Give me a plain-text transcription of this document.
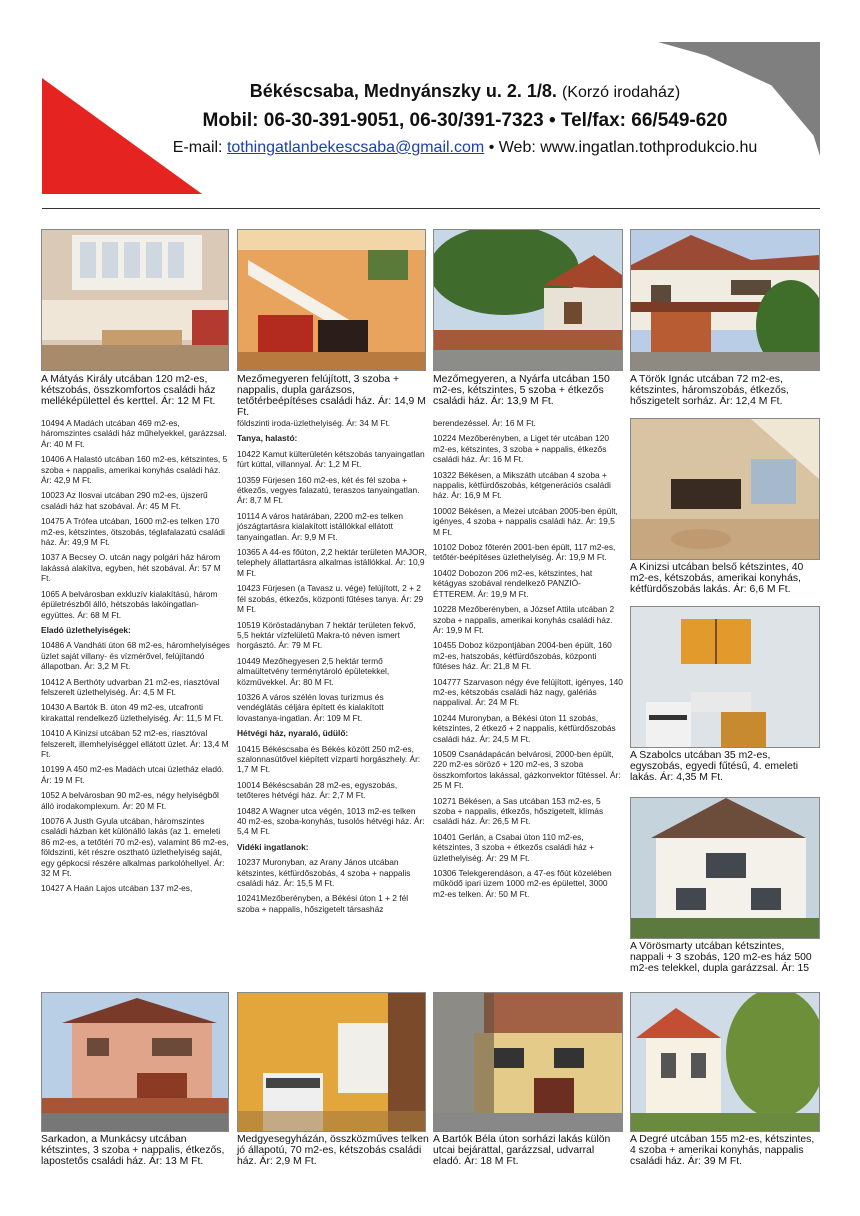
Békéscsaba, Mednyánszky u. 2. 1/8. (Korzó irodaház)
Mobil: 06-30-391-9051, 06-30/391-7323 • Tel/fax: 66/549-620
E-mail: tothingatlanbekescsaba@gmail.com • Web: www.ingatlan.tothprodukcio.hu
A Mátyás Király utcában 120 m2-es, kétszobás, összkomfortos családi ház melléképülettel és kerttel. Ár: 12 M Ft.
Mezőmegyeren felújított, 3 szoba + nappalis, dupla garázsos, tetőtérbeépítéses családi ház. Ár: 14,9 M Ft.
Mezőmegyeren, a Nyárfa utcában 150 m2-es, kétszintes, 5 szoba + étkezős családi ház. Ár: 13,9 M Ft.
A Török Ignác utcában 72 m2-es, kétszintes, háromszobás, étkezős, hőszigetelt sorház. Ár: 12,4 M Ft.
10494 A Madách utcában 469 m2-es, háromszintes családi ház műhelyekkel, garázzsal. Ár: 40 M Ft.
10406 A Halastó utcában 160 m2-es, kétszintes, 5 szoba + nappalis, amerikai konyhás családi ház. Ár: 42,9 M Ft.
10023 Az Ilosvai utcában 290 m2-es, újszerű családi ház hat szobával. Ár: 45 M Ft.
10475 A Trófea utcában, 1600 m2-es telken 170 m2-es, kétszintes, ötszobás, téglafalazatú családi ház. Ár: 49,9 M Ft.
1037 A Becsey O. utcán nagy polgári ház három lakássá alakítva, egyben, hét szobával. Ár: 57 M Ft.
1065 A belvárosban exkluzív kialakítású, három épületrészből álló, hétszobás lakóingatlan-együttes. Ár: 68 M Ft.
Eladó üzlethelyiségek:
10486 A Vandháti úton 68 m2-es, háromhelyiséges üzlet saját villany- és vízmérővel, felújítandó állapotban. Ár: 3,2 M Ft.
10412 A Berthóty udvarban 21 m2-es, riasztóval felszerelt üzlethelyiség. Ár: 4,5 M Ft.
10430 A Bartók B. úton 49 m2-es, utcafronti kirakattal rendelkező üzlethelyiség. Ár: 11,5 M Ft.
10410 A Kinizsi utcában 52 m2-es, riasztóval felszerelt, illemhelyiséggel ellátott üzlet. Ár: 13,4 M Ft.
10199 A 450 m2-es Madách utcai üzletház eladó. Ár: 19 M Ft.
1052 A belvárosban 90 m2-es, négy helyiségből álló irodakomplexum. Ár: 20 M Ft.
10076 A Justh Gyula utcában, háromszintes családi házban két különálló lakás (az 1. emeleti 86 m2-es, a tetőtéri 70 m2-es), valamint 86 m2-es, földszinti, két részre osztható üzlethelyiség saját, egy gépkocsi részére alkalmas parkolóhellyel. Ár: 32 M Ft.
10427 A Haán Lajos utcában 137 m2-es,
földszinti iroda-üzlethelyiség. Ár: 34 M Ft.
Tanya, halastó:
10422 Kamut külterületén kétszobás tanyaingatlan fúrt kúttal, villannyal. Ár: 1,2 M Ft.
10359 Fürjesen 160 m2-es, két és fél szoba + étkezős, vegyes falazatú, teraszos tanyaingatlan. Ár: 8,7 M Ft.
10114 A város határában, 2200 m2-es telken jószágtartásra kialakított istállókkal ellátott tanyaingatlan. Ár: 9,9 M Ft.
10365 A 44-es főúton, 2,2 hektár területen MAJOR, telephely állattartásra alkalmas istállókkal. Ár: 10,9 M Ft.
10423 Fürjesen (a Tavasz u. vége) felújított, 2 + 2 fél szobás, étkezős, központi fűtéses tanya. Ár: 29 M Ft.
10519 Köröstadányban 7 hektár területen fekvő, 5,5 hektár vízfelületű Makra-tó néven ismert horgásztó. Ár: 79 M Ft.
10449 Mezőhegyesen 2,5 hektár termő almaültetvény terménytároló épületekkel, közművekkel. Ár: 80 M Ft.
10326 A város szélén lovas turizmus és vendéglátás céljára épített és kialakított lovastanya-ingatlan. Ár: 109 M Ft.
Hétvégi ház, nyaraló, üdülő:
10415 Békéscsaba és Békés között 250 m2-es, szalonnasütővel kiépített vízparti horgászhely. Ár: 1,7 M Ft.
10014 Békéscsabán 28 m2-es, egyszobás, tetőteres hétvégi ház. Ár: 2,7 M Ft.
10482 A Wagner utca végén, 1013 m2-es telken 40 m2-es, szoba-konyhás, tusolós hétvégi ház. Ár: 5,4 M Ft.
Vidéki ingatlanok:
10237 Muronyban, az Arany János utcában kétszintes, kétfürdőszobás, 4 szoba + nappalis családi ház. Ár: 15,5 M Ft.
10241Mezőberényben, a Békési úton 1 + 2 fél szoba + nappalis, hőszigetelt társasház
berendezéssel. Ár: 16 M Ft.
10224 Mezőberényben, a Liget tér utcában 120 m2-es, kétszintes, 3 szoba + nappalis, étkezős családi ház. Ár: 16 M Ft.
10322 Békésen, a Mikszáth utcában 4 szoba + nappalis, kétfürdőszobás, kétgenerációs családi ház. Ár: 16,9 M Ft.
10002 Békésen, a Mezei utcában 2005-ben épült, igényes, 4 szoba + nappalis családi ház. Ár: 19,5 M Ft.
10102 Doboz főterén 2001-ben épült, 117 m2-es, tetőtér-beépítéses üzlethelyiség. Ár: 19,9 M Ft.
10402 Dobozon 206 m2-es, kétszintes, hat kétágyas szobával rendelkező PANZIÓ-ÉTTEREM. Ár: 19,9 M Ft.
10228 Mezőberényben, a József Attila utcában 2 szoba + nappalis, amerikai konyhás családi ház. Ár: 19,9 M Ft.
10455 Doboz központjában 2004-ben épült, 160 m2-es, hatszobás, kétfürdőszobás, központi fűtéses ház. Ár: 21,8 M Ft.
104777 Szarvason négy éve felújított, igényes, 140 m2-es, kétszobás családi ház nagy, galériás nappalival. Ár: 24 M Ft.
10244 Muronyban, a Békési úton 11 szobás, kétszintes, 2 étkező + 2 nappalis, kétfürdőszobás családi ház. Ár: 24,5 M Ft.
10509 Csanádapácán belvárosi, 2000-ben épült, 220 m2-es söröző + 120 m2-es, 3 szoba összkomfortos lakással, gázkonvektor fűtéssel. Ár: 25 M Ft.
10271 Békésen, a Sas utcában 153 m2-es, 5 szoba + nappalis, étkezős, hőszigetelt, klímás családi ház. Ár: 26,5 M Ft.
10401 Gerlán, a Csabai úton 110 m2-es, kétszintes, 3 szoba + étkezős családi ház + üzlethelyiség. Ár: 29 M Ft.
10306 Telekgerendáson, a 47-es főút közelében működő ipari üzem 1000 m2-es épülettel, 3000 m2-es telken. Ár: 50 M Ft.
A Kinizsi utcában belső kétszintes, 40 m2-es, kétszobás, amerikai konyhás, kétfürdőszobás lakás. Ár: 6,6 M Ft.
A Szabolcs utcában 35 m2-es, egyszobás, egyedi fűtésű, 4. emeleti lakás. Ár: 4,35 M Ft.
A Vörösmarty utcában kétszintes, nappali + 3 szobás, 120 m2-es ház 500 m2-es telekkel, dupla garázzsal. Ár: 15
Medgyesegyházán, összközműves telken jó állapotú, 70 m2-es, kétszobás családi ház. Ár: 2,9 M Ft.
Sarkadon, a Munkácsy utcában kétszintes, 3 szoba + nappalis, étkezős, lapostetős családi ház. Ár: 13 M Ft.
A Bartók Béla úton sorházi lakás külön utcai bejárattal, garázzsal, udvarral eladó. Ár: 18 M Ft.
A Degré utcában 155 m2-es, kétszintes, 4 szoba + amerikai konyhás, nappalis családi ház. Ár: 39 M Ft.
